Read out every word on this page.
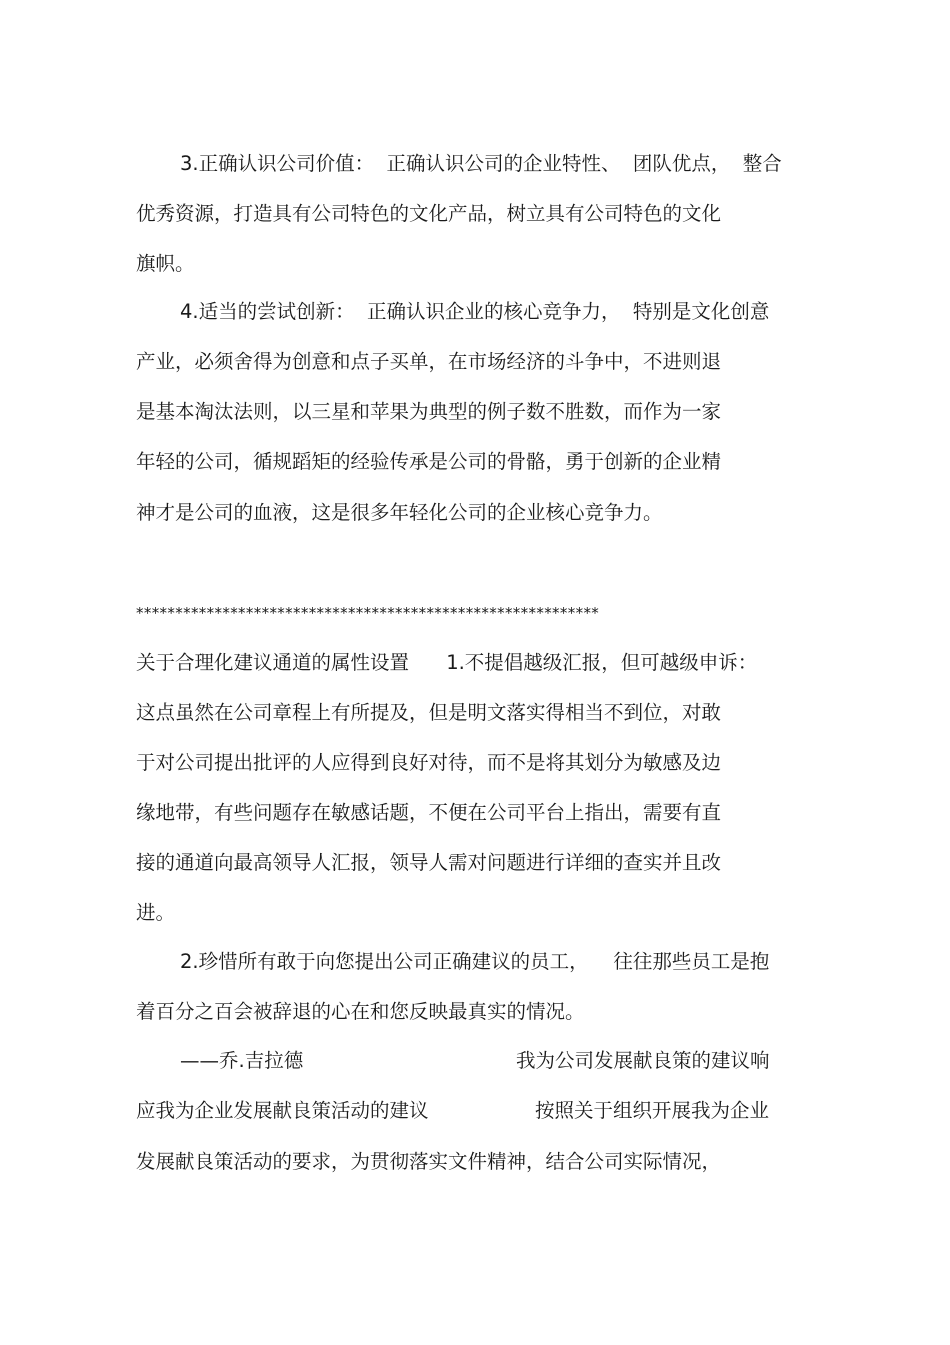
3.正确认识公司价值：  正确认识公司的企业特性、  团队优点，  整合

优秀资源，打造具有公司特色的文化产品，树立具有公司特色的文化

旗帜。

4.适当的尝试创新：  正确认识企业的核心竞争力，  特别是文化创意

产业，必须舍得为创意和点子买单，在市场经济的斗争中，不进则退

是基本淘汰法则，以三星和苹果为典型的例子数不胜数，而作为一家

年轻的公司，循规蹈矩的经验传承是公司的骨骼，勇于创新的企业精

神才是公司的血液，这是很多年轻化公司的企业核心竞争力。

***********************************************************

关于合理化建议通道的属性设置      1.不提倡越级汇报，但可越级申诉：

这点虽然在公司章程上有所提及，但是明文落实得相当不到位，对敢

于对公司提出批评的人应得到良好对待，而不是将其划分为敏感及边

缘地带，有些问题存在敏感话题，不便在公司平台上指出，需要有直

接的通道向最高领导人汇报，领导人需对问题进行详细的查实并且改

进。

2.珍惜所有敢于向您提出公司正确建议的员工，    往往那些员工是抱

着百分之百会被辞退的心在和您反映最真实的情况。

——乔.吉拉德	我为公司发展献良策的建议响

应我为企业发展献良策活动的建议	按照关于组织开展我为企业

发展献良策活动的要求，为贯彻落实文件精神，结合公司实际情况，
